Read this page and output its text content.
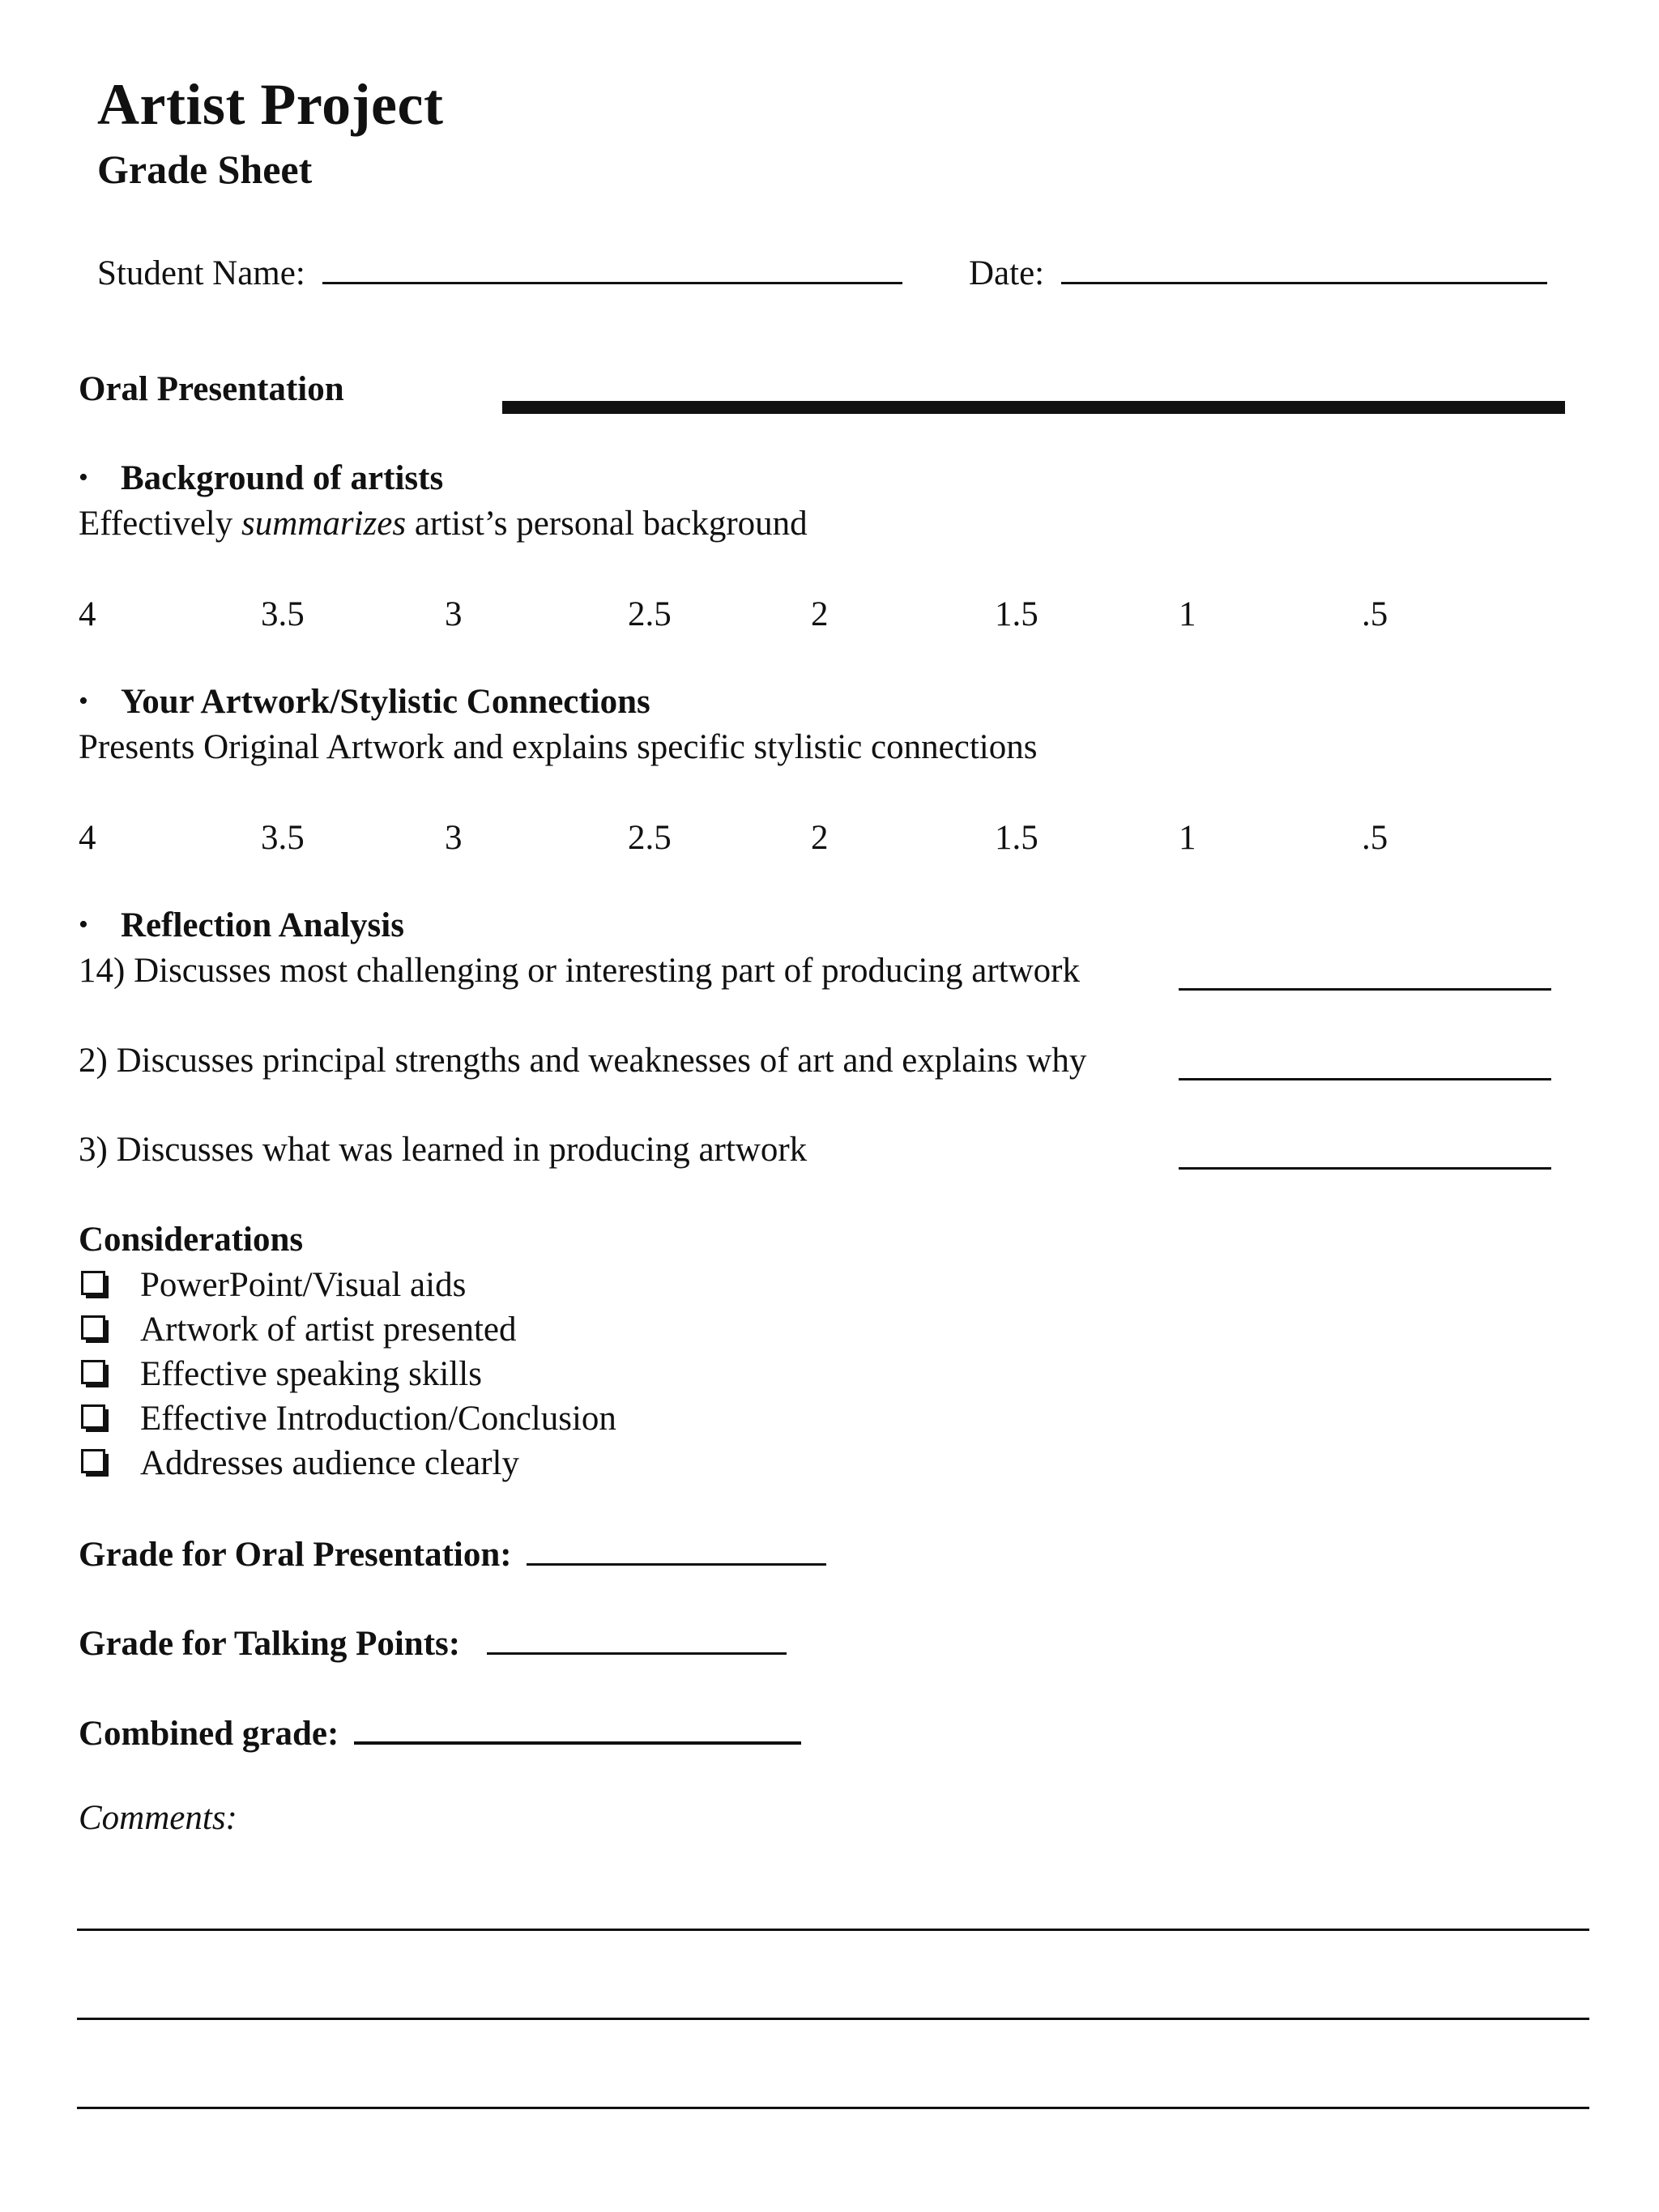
Artist Project
Grade Sheet
Student Name:	Date:
Oral Presentation
• Background of artists
Effectively summarizes artist’s personal background
4	3.5	3	2.5	2	1.5	1	.5
• Your Artwork/Stylistic Connections
Presents Original Artwork and explains specific stylistic connections
4	3.5	3	2.5	2	1.5	1	.5
• Reflection Analysis
14) Discusses most challenging or interesting part of producing artwork
2) Discusses principal strengths and weaknesses of art and explains why
3) Discusses what was learned in producing artwork
Considerations
PowerPoint/Visual aids
Artwork of artist presented
Effective speaking skills
Effective Introduction/Conclusion
Addresses audience clearly
Grade for Oral Presentation:
Grade for Talking Points:
Combined grade:
Comments:
